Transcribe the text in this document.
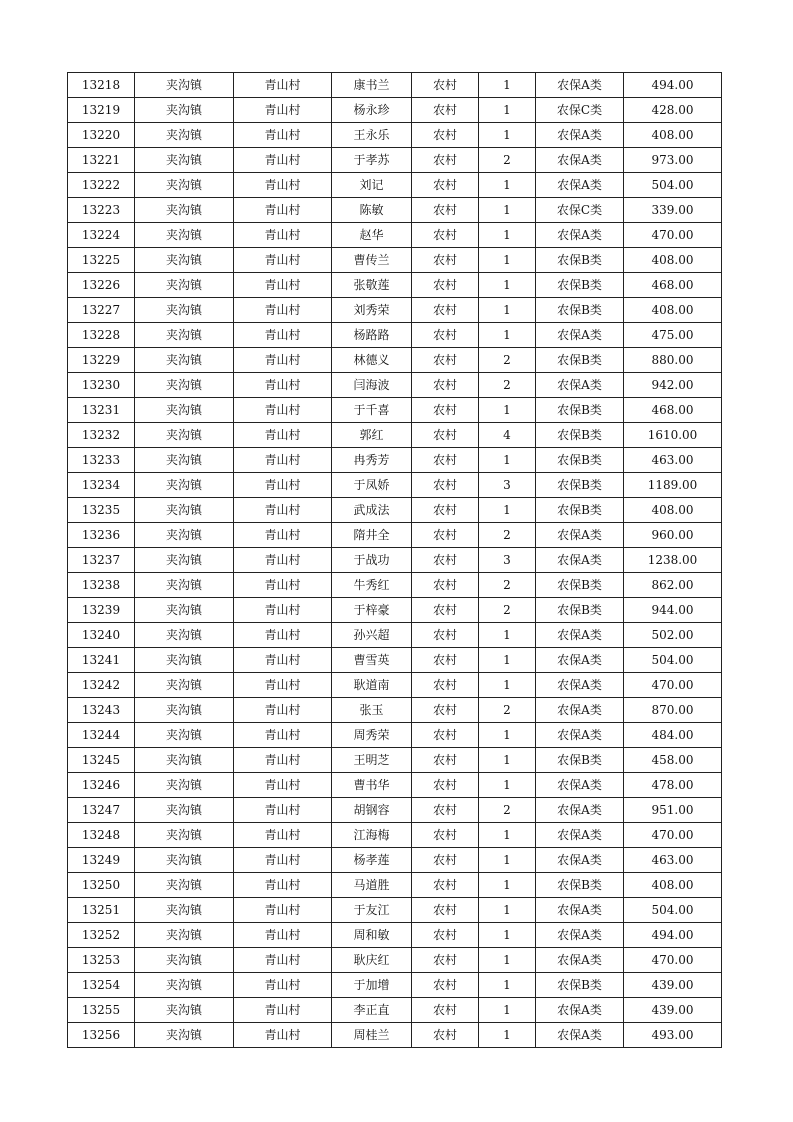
13218	夹沟镇	青山村	康书兰	农村	1	农保A类	494.00
13219	夹沟镇	青山村	杨永珍	农村	1	农保C类	428.00
13220	夹沟镇	青山村	王永乐	农村	1	农保A类	408.00
13221	夹沟镇	青山村	于孝苏	农村	2	农保A类	973.00
13222	夹沟镇	青山村	刘记	农村	1	农保A类	504.00
13223	夹沟镇	青山村	陈敏	农村	1	农保C类	339.00
13224	夹沟镇	青山村	赵华	农村	1	农保A类	470.00
13225	夹沟镇	青山村	曹传兰	农村	1	农保B类	408.00
13226	夹沟镇	青山村	张敬莲	农村	1	农保B类	468.00
13227	夹沟镇	青山村	刘秀荣	农村	1	农保B类	408.00
13228	夹沟镇	青山村	杨路路	农村	1	农保A类	475.00
13229	夹沟镇	青山村	林德义	农村	2	农保B类	880.00
13230	夹沟镇	青山村	闫海波	农村	2	农保A类	942.00
13231	夹沟镇	青山村	于千喜	农村	1	农保B类	468.00
13232	夹沟镇	青山村	郭红	农村	4	农保B类	1610.00
13233	夹沟镇	青山村	冉秀芳	农村	1	农保B类	463.00
13234	夹沟镇	青山村	于凤娇	农村	3	农保B类	1189.00
13235	夹沟镇	青山村	武成法	农村	1	农保B类	408.00
13236	夹沟镇	青山村	隋井全	农村	2	农保A类	960.00
13237	夹沟镇	青山村	于战功	农村	3	农保A类	1238.00
13238	夹沟镇	青山村	牛秀红	农村	2	农保B类	862.00
13239	夹沟镇	青山村	于梓豪	农村	2	农保B类	944.00
13240	夹沟镇	青山村	孙兴超	农村	1	农保A类	502.00
13241	夹沟镇	青山村	曹雪英	农村	1	农保A类	504.00
13242	夹沟镇	青山村	耿道南	农村	1	农保A类	470.00
13243	夹沟镇	青山村	张玉	农村	2	农保A类	870.00
13244	夹沟镇	青山村	周秀荣	农村	1	农保A类	484.00
13245	夹沟镇	青山村	王明芝	农村	1	农保B类	458.00
13246	夹沟镇	青山村	曹书华	农村	1	农保A类	478.00
13247	夹沟镇	青山村	胡钢容	农村	2	农保A类	951.00
13248	夹沟镇	青山村	江海梅	农村	1	农保A类	470.00
13249	夹沟镇	青山村	杨孝莲	农村	1	农保A类	463.00
13250	夹沟镇	青山村	马道胜	农村	1	农保B类	408.00
13251	夹沟镇	青山村	于友江	农村	1	农保A类	504.00
13252	夹沟镇	青山村	周和敏	农村	1	农保A类	494.00
13253	夹沟镇	青山村	耿庆红	农村	1	农保A类	470.00
13254	夹沟镇	青山村	于加增	农村	1	农保B类	439.00
13255	夹沟镇	青山村	李正直	农村	1	农保A类	439.00
13256	夹沟镇	青山村	周桂兰	农村	1	农保A类	493.00
